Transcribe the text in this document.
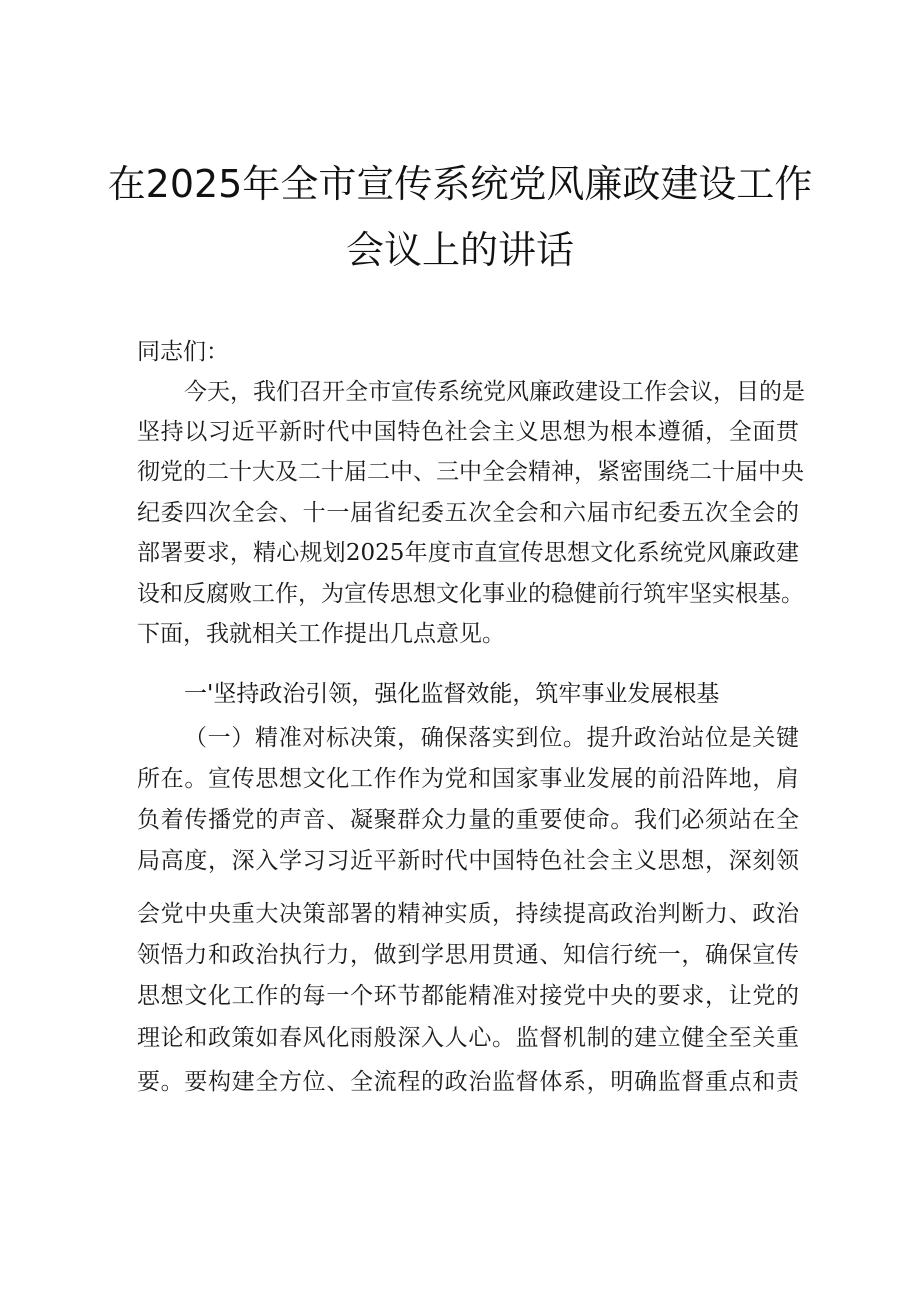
在2025年全市宣传系统党风廉政建设工作
会议上的讲话
同志们：
今天，我们召开全市宣传系统党风廉政建设工作会议，目的是
坚持以习近平新时代中国特色社会主义思想为根本遵循，全面贯
彻党的二十大及二十届二中、三中全会精神，紧密围绕二十届中央
纪委四次全会、十一届省纪委五次全会和六届市纪委五次全会的
部署要求，精心规划2025年度市直宣传思想文化系统党风廉政建
设和反腐败工作，为宣传思想文化事业的稳健前行筑牢坚实根基。
下面，我就相关工作提出几点意见。
一'坚持政治引领，强化监督效能，筑牢事业发展根基
（一）精准对标决策，确保落实到位。提升政治站位是关键
所在。宣传思想文化工作作为党和国家事业发展的前沿阵地，肩
负着传播党的声音、凝聚群众力量的重要使命。我们必须站在全
局高度，深入学习习近平新时代中国特色社会主义思想，深刻领
会党中央重大决策部署的精神实质，持续提高政治判断力、政治
领悟力和政治执行力，做到学思用贯通、知信行统一，确保宣传
思想文化工作的每一个环节都能精准对接党中央的要求，让党的
理论和政策如春风化雨般深入人心。监督机制的建立健全至关重
要。要构建全方位、全流程的政治监督体系，明确监督重点和责
